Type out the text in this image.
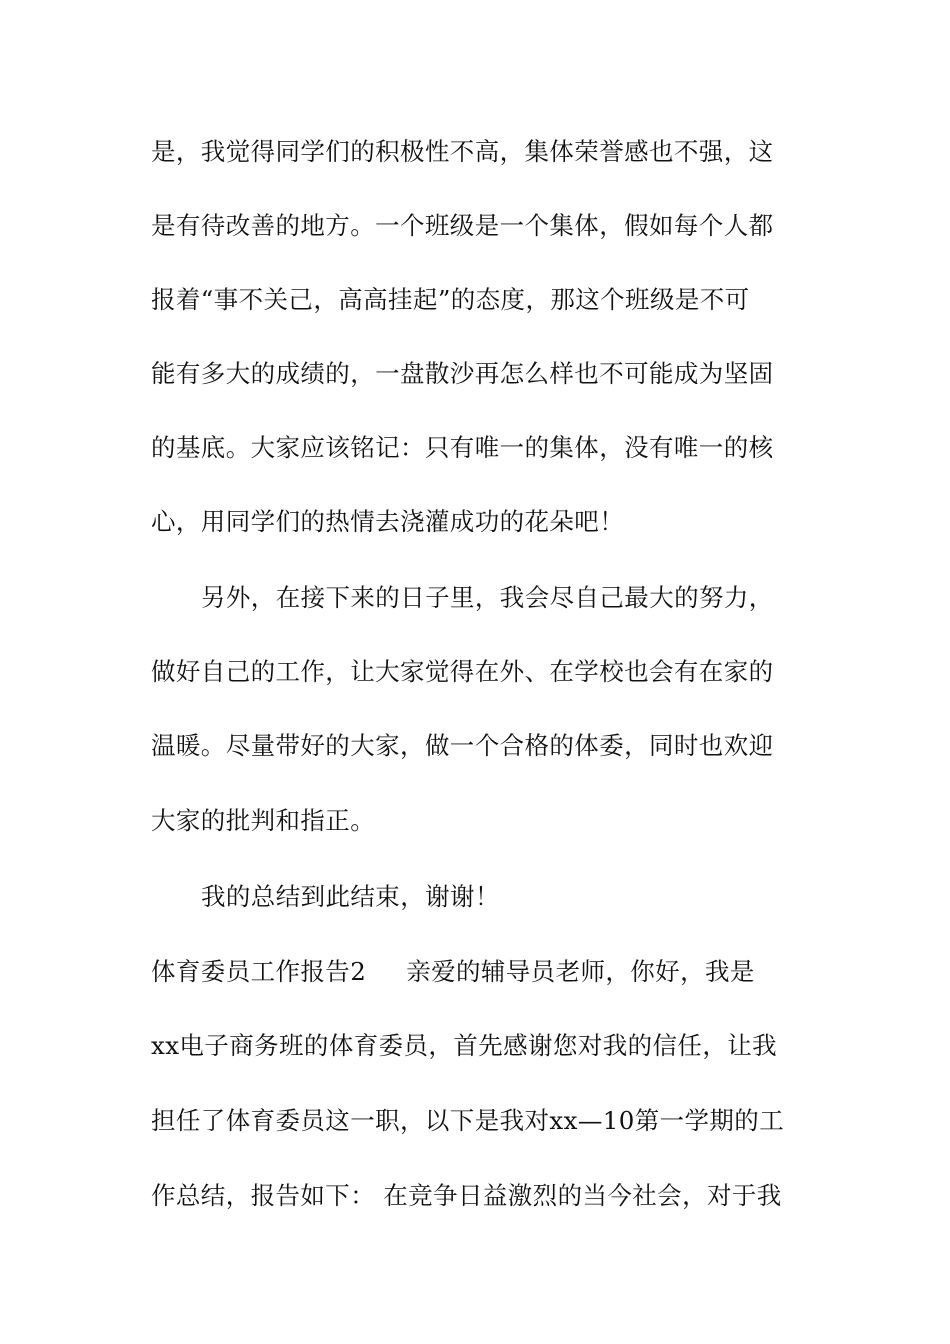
是，我觉得同学们的积极性不高，集体荣誉感也不强，这
是有待改善的地方。一个班级是一个集体，假如每个人都
报着“事不关己，高高挂起”的态度，那这个班级是不可
能有多大的成绩的，一盘散沙再怎么样也不可能成为坚固
的基底。大家应该铭记：只有唯一的集体，没有唯一的核
心，用同学们的热情去浇灌成功的花朵吧！
另外，在接下来的日子里，我会尽自己最大的努力，
做好自己的工作，让大家觉得在外、在学校也会有在家的
温暖。尽量带好的大家，做一个合格的体委，同时也欢迎
大家的批判和指正。
我的总结到此结束，谢谢！
体育委员工作报告2 亲爱的辅导员老师，你好，我是
xx电子商务班的体育委员，首先感谢您对我的信任，让我
担任了体育委员这一职，以下是我对xx—10第一学期的工
作总结，报告如下： 在竞争日益激烈的当今社会，对于我
